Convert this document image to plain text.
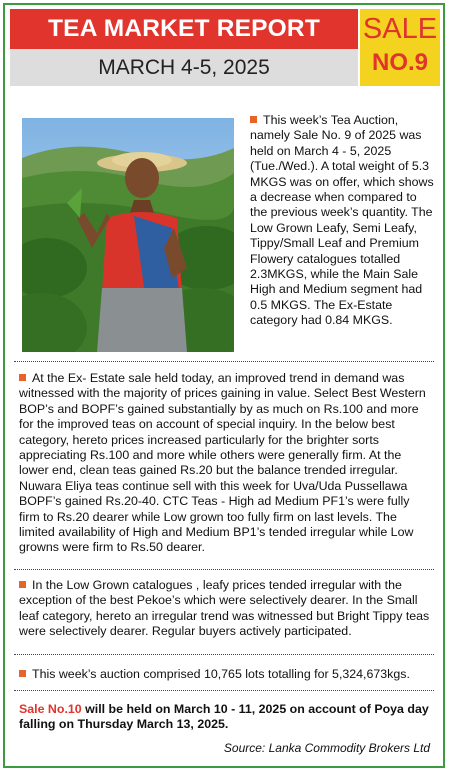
TEA MARKET REPORT
MARCH 4-5, 2025
SALE
NO.9
This week’s Tea Auction, namely Sale No. 9 of 2025 was held on March 4 - 5, 2025 (Tue./Wed.). A total weight of 5.3 MKGS was on offer, which shows a decrease when compared to the previous week’s quantity. The Low Grown Leafy, Semi Leafy, Tippy/Small Leaf and Premium Flowery catalogues totalled 2.3MKGS, while the Main Sale High and Medium segment had 0.5 MKGS. The Ex-Estate category had 0.84 MKGS.
At the Ex- Estate sale held today, an improved trend in demand was witnessed with the majority of prices gaining in value. Select Best Western BOP’s and BOPF’s gained substantially by as much on Rs.100 and more for the improved teas on account of special inquiry. In the below best category, hereto prices increased particularly for the brighter sorts appreciating Rs.100 and more while others were generally firm. At the lower end, clean teas gained Rs.20 but the balance trended irregular. Nuwara Eliya teas continue sell with this week for Uva/Uda Pussellawa BOPF’s gained Rs.20-40. CTC Teas - High ad Medium PF1’s were fully firm to Rs.20 dearer while Low grown too fully firm on last levels. The limited availability of High and Medium BP1’s tended irregular while Low growns were firm to Rs.50 dearer.
In the Low Grown catalogues , leafy prices tended irregular with the exception of the best Pekoe’s which were selectively dearer. In the Small leaf category, hereto an irregular trend was witnessed but Bright Tippy teas were selectively dearer. Regular buyers actively participated.
This week’s auction comprised 10,765 lots totalling for 5,324,673kgs.
Sale No.10 will be held on March 10 - 11, 2025 on account of Poya day falling on Thursday March 13, 2025.
Source: Lanka Commodity Brokers Ltd
